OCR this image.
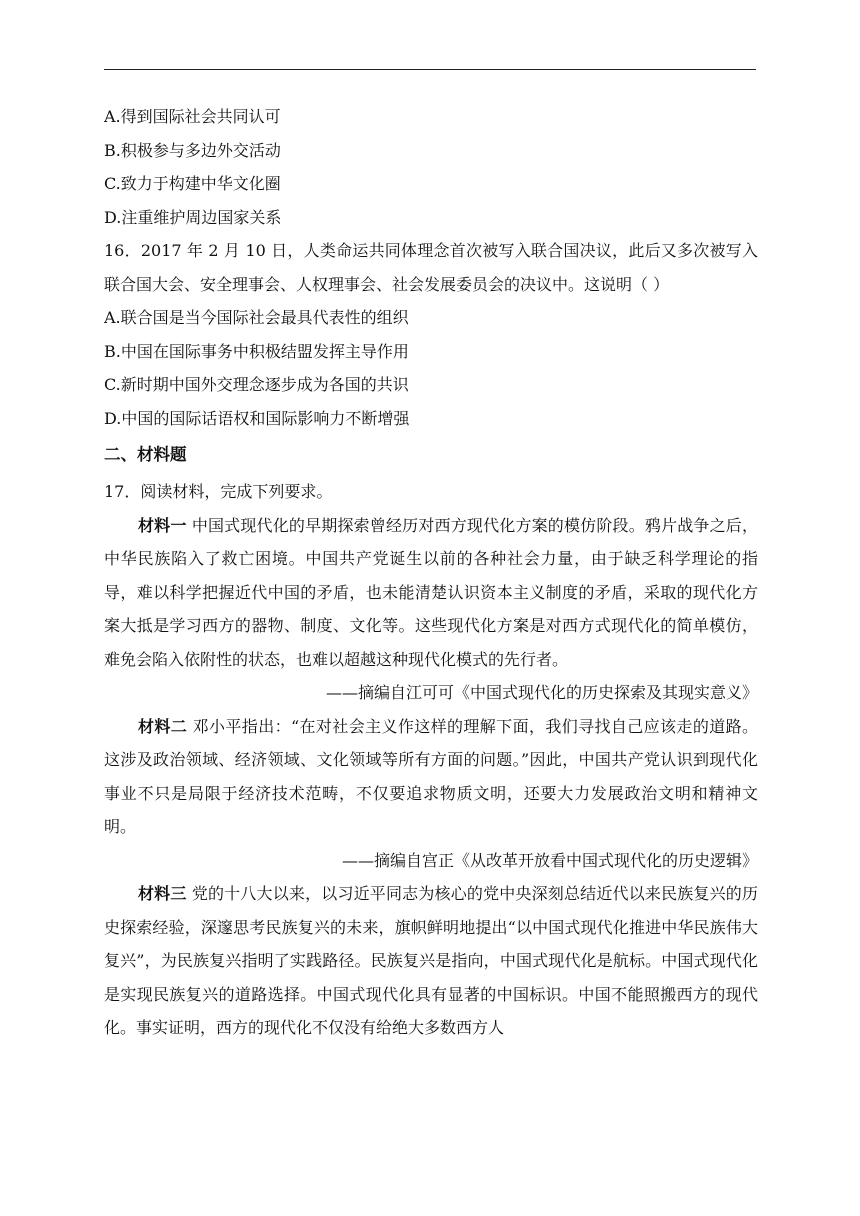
A.得到国际社会共同认可
B.积极参与多边外交活动
C.致力于构建中华文化圈
D.注重维护周边国家关系
16．2017 年 2 月 10 日，人类命运共同体理念首次被写入联合国决议，此后又多次被写入联合国大会、安全理事会、人权理事会、社会发展委员会的决议中。这说明（ ）
A.联合国是当今国际社会最具代表性的组织
B.中国在国际事务中积极结盟发挥主导作用
C.新时期中国外交理念逐步成为各国的共识
D.中国的国际话语权和国际影响力不断增强
二、材料题
17．阅读材料，完成下列要求。
材料一 中国式现代化的早期探索曾经历对西方现代化方案的模仿阶段。鸦片战争之后，中华民族陷入了救亡困境。中国共产党诞生以前的各种社会力量，由于缺乏科学理论的指导，难以科学把握近代中国的矛盾，也未能清楚认识资本主义制度的矛盾，采取的现代化方案大抵是学习西方的器物、制度、文化等。这些现代化方案是对西方式现代化的简单模仿，难免会陷入依附性的状态，也难以超越这种现代化模式的先行者。
——摘编自江可可《中国式现代化的历史探索及其现实意义》
材料二 邓小平指出：“在对社会主义作这样的理解下面，我们寻找自己应该走的道路。这涉及政治领域、经济领域、文化领域等所有方面的问题。”因此，中国共产党认识到现代化事业不只是局限于经济技术范畴，不仅要追求物质文明，还要大力发展政治文明和精神文明。
——摘编自宫正《从改革开放看中国式现代化的历史逻辑》
材料三 党的十八大以来，以习近平同志为核心的党中央深刻总结近代以来民族复兴的历史探索经验，深邃思考民族复兴的未来，旗帜鲜明地提出“以中国式现代化推进中华民族伟大复兴”，为民族复兴指明了实践路径。民族复兴是指向，中国式现代化是航标。中国式现代化是实现民族复兴的道路选择。中国式现代化具有显著的中国标识。中国不能照搬西方的现代化。事实证明，西方的现代化不仅没有给绝大多数西方人
